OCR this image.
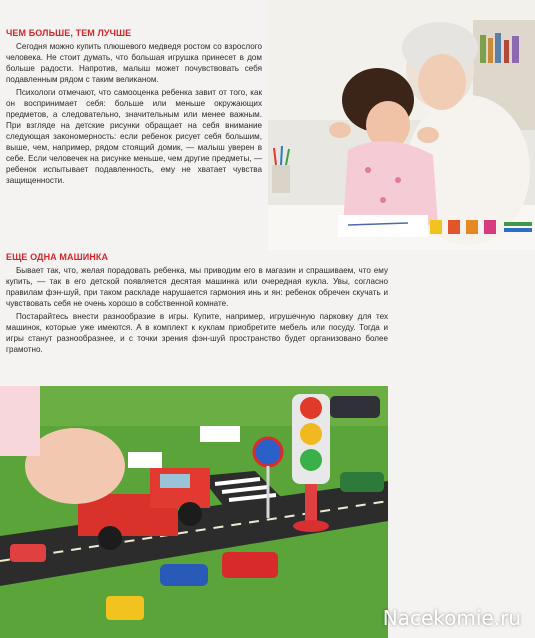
ЧЕМ БОЛЬШЕ, ТЕМ ЛУЧШЕ

Сегодня можно купить плюшевого медведя ростом со взрослого человека. Не стоит думать, что большая игрушка принесет в дом больше радости. Напротив, малыш может почувствовать себя подавленным рядом с таким великаном.

Психологи отмечают, что самооценка ребенка завит от того, как он воспринимает себя: больше или меньше окружающих предметов, а следовательно, значительным или менее важным. При взгляде на детские рисунки обращает на себя внимание следующая закономерность: если ребенок рисует себя большим, выше, чем, например, рядом стоящий домик, — малыш уверен в себе. Если человечек на рисунке меньше, чем другие предметы, — ребенок испытывает подавленность, ему не хватает чувства защищенности.

ЕЩЕ ОДНА МАШИНКА

Бывает так, что, желая порадовать ребенка, мы приводим его в магазин и спрашиваем, что ему купить, — так в его детской появляется десятая машинка или очередная кукла. Увы, согласно правилам фэн-шуй, при таком раскладе нарушается гармония инь и ян: ребенок обречен скучать и чувствовать себя не очень хорошо в собственной комнате.

Постарайтесь внести разнообразие в игры. Купите, например, игрушечную парковку для тех машинок, которые уже имеются. А в комплект к куклам приобретите мебель или посуду. Тогда и игры станут разнообразнее, и с точки зрения фэн-шуй пространство будет организовано более грамотно.

Nacekomie.ru
